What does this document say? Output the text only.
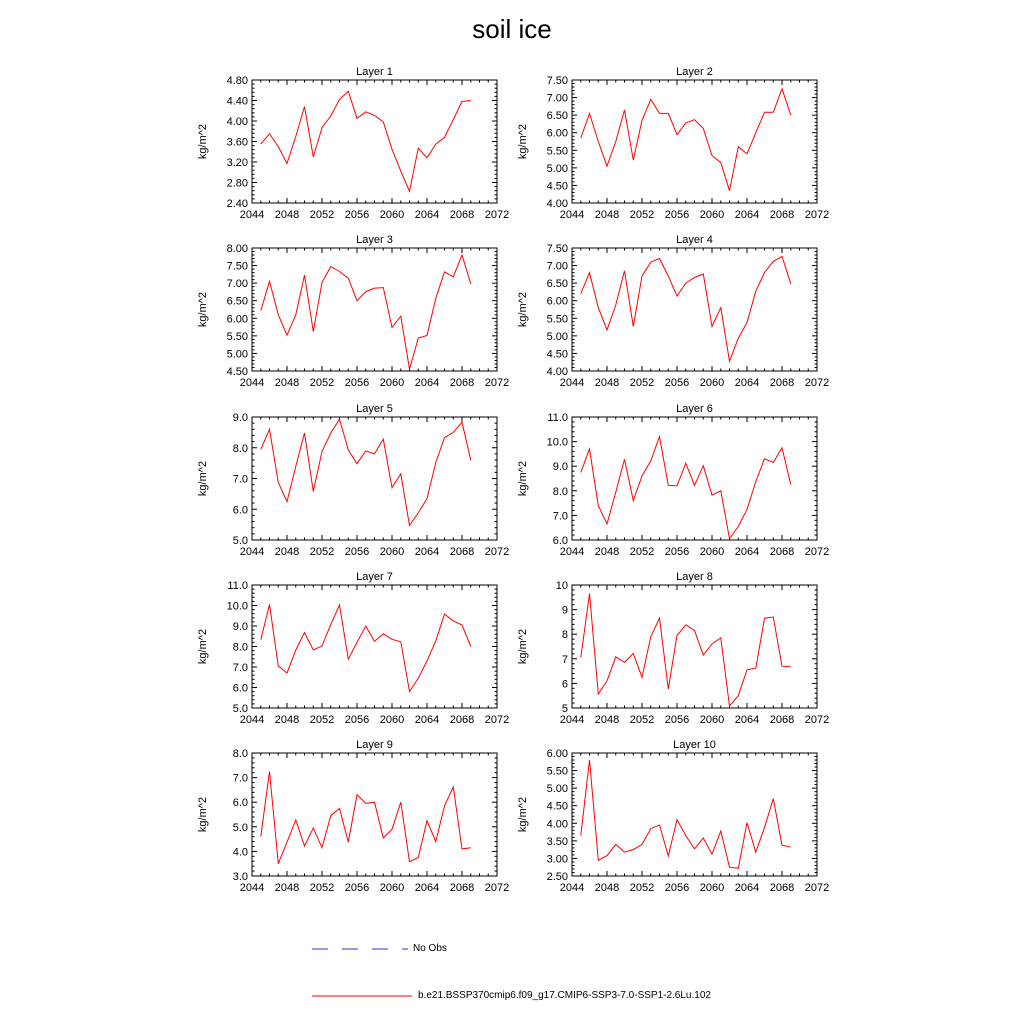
soil ice
Layer 1
kg/m^2
2044 2048 2052 2056 2060 2064 2068 2072
2.40
2.80
3.20
3.60
4.00
4.40
4.80
Layer 2
kg/m^2
2044 2048 2052 2056 2060 2064 2068 2072
4.00
4.50
5.00
5.50
6.00
6.50
7.00
7.50
Layer 3
kg/m^2
2044 2048 2052 2056 2060 2064 2068 2072
4.50
5.00
5.50
6.00
6.50
7.00
7.50
8.00
Layer 4
kg/m^2
2044 2048 2052 2056 2060 2064 2068 2072
4.00
4.50
5.00
5.50
6.00
6.50
7.00
7.50
Layer 5
kg/m^2
2044 2048 2052 2056 2060 2064 2068 2072
5.0
6.0
7.0
8.0
9.0
Layer 6
kg/m^2
2044 2048 2052 2056 2060 2064 2068 2072
6.0
7.0
8.0
9.0
10.0
11.0
Layer 7
kg/m^2
2044 2048 2052 2056 2060 2064 2068 2072
5.0
6.0
7.0
8.0
9.0
10.0
11.0
Layer 8
kg/m^2
2044 2048 2052 2056 2060 2064 2068 2072
5
6
7
8
9
10
Layer 9
kg/m^2
2044 2048 2052 2056 2060 2064 2068 2072
3.0
4.0
5.0
6.0
7.0
8.0
Layer 10
kg/m^2
2044 2048 2052 2056 2060 2064 2068 2072
2.50
3.00
3.50
4.00
4.50
5.00
5.50
6.00
No Obs
b.e21.BSSP370cmip6.f09_g17.CMIP6-SSP3-7.0-SSP1-2.6Lu.102
